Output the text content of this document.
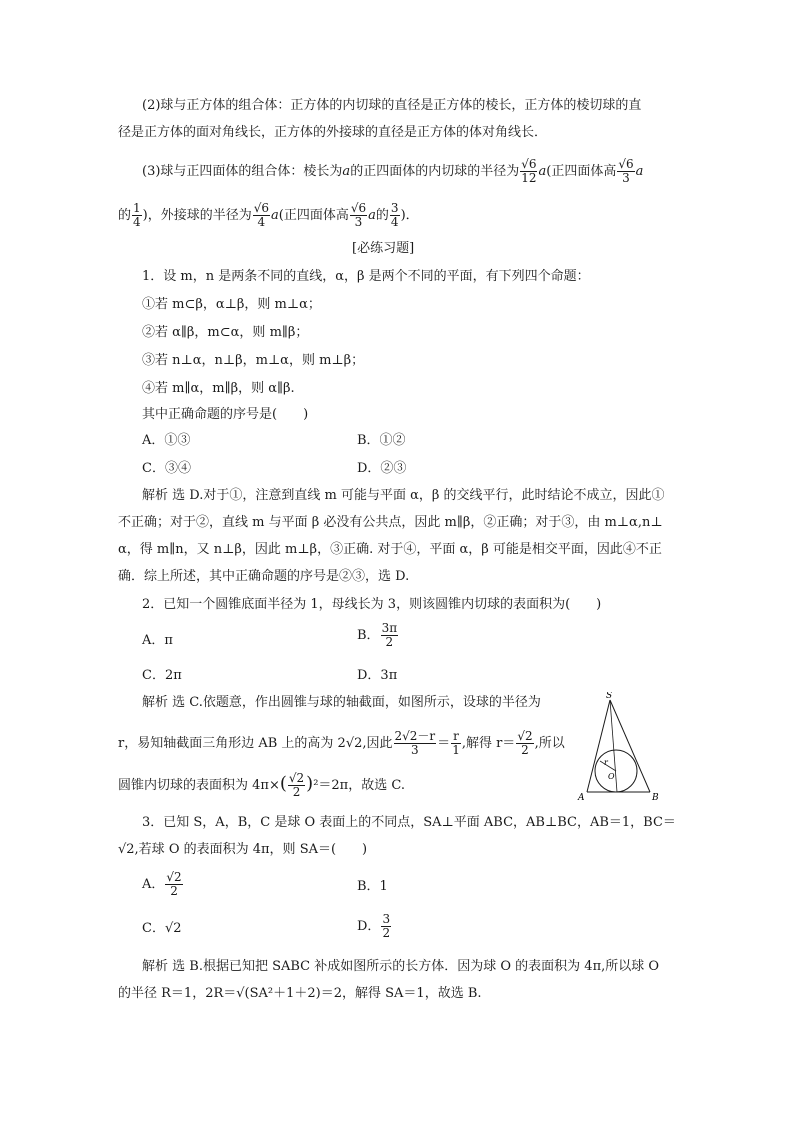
(2)球与正方体的组合体：正方体的内切球的直径是正方体的棱长，正方体的棱切球的直
径是正方体的面对角线长，正方体的外接球的直径是正方体的体对角线长．
(3)球与正四面体的组合体：棱长为a的正四面体的内切球的半径为 $\frac{√6}{12} a$(正四面体高 $\frac{√6}{3}$ a
的 $\frac{1}{4}$ )，外接球的半径为 $\frac{√6}{4} a$(正四面体高 $\frac{√6}{3}$ a的 $\frac{3}{4}$ )．
[必练习题]
1．设 m，n 是两条不同的直线，α，β 是两个不同的平面，有下列四个命题：
①若 m⊂β，α⊥β，则 m⊥α；
②若 α∥β，m⊂α，则 m∥β；
③若 n⊥α，n⊥β，m⊥α，则 m⊥β；
④若 m∥α，m∥β，则 α∥β.
其中正确命题的序号是(　　)
A．①③	B．①②
C．③④	D．②③
解析 选 D.对于①，注意到直线 m 可能与平面 α，β 的交线平行，此时结论不成立，因此①
不正确；对于②，直线 m 与平面 β 必没有公共点，因此 m∥β，②正确；对于③，由 m⊥α,n⊥
α，得 m∥n，又 n⊥β，因此 m⊥β，③正确. 对于④，平面 α，β 可能是相交平面，因此④不正
确．综上所述，其中正确命题的序号是②③，选 D.
2．已知一个圆锥底面半径为 1，母线长为 3，则该圆锥内切球的表面积为(　　)
A．π	B． $\frac{3\pi}{2}$
C．2π	D．3π
解析 选 C.依题意，作出圆锥与球的轴截面，如图所示，设球的半径为
r，易知轴截面三角形边 AB 上的高为 2√2,因此 $\frac{2√2-r}{3} = \frac{r}{1}$ ,解得 $r= \frac{√2}{2}$ ,所以
圆锥内切球的表面积为 $4\pi\times( \frac{√2}{2} )^2=2\pi$，故选 C.
S
A	B
O
r
3．已知 S，A，B，C 是球 O 表面上的不同点，SA⊥平面 ABC，AB⊥BC，AB＝1，BC＝
√2,若球 O 的表面积为 4π，则 SA＝(　　)
A． $\frac{√2}{2}$	B．1
C．√2	D． $\frac{3}{2}$
解析 选 B.根据已知把 SABC 补成如图所示的长方体．因为球 O 的表面积为 4π,所以球 O
的半径 R＝1，2R＝√(SA²＋1＋2)＝2，解得 SA＝1，故选 B.
